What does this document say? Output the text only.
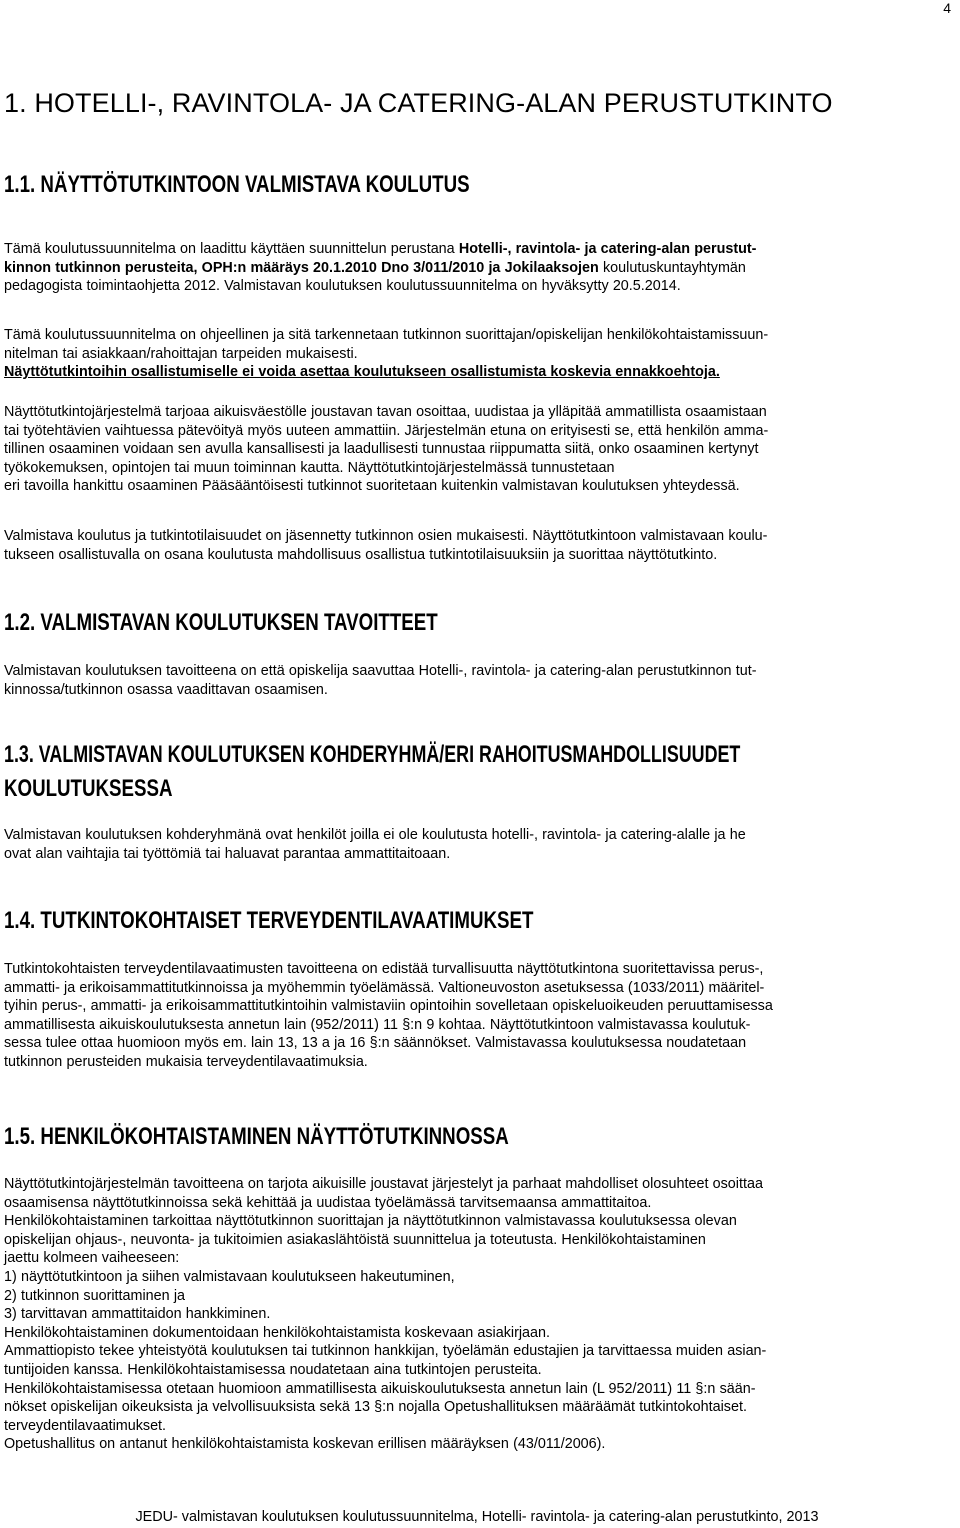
4
1. HOTELLI-, RAVINTOLA- JA CATERING-ALAN PERUSTUTKINTO
1.1. NÄYTTÖTUTKINTOON VALMISTAVA KOULUTUS
Tämä koulutussuunnitelma on laadittu käyttäen suunnittelun perustana Hotelli-, ravintola- ja catering-alan perustut-
kinnon tutkinnon perusteita, OPH:n määräys 20.1.2010 Dno 3/011/2010 ja Jokilaaksojen koulutuskuntayhtymän
pedagogista toimintaohjetta 2012. Valmistavan koulutuksen koulutussuunnitelma on hyväksytty 20.5.2014.
Tämä koulutussuunnitelma on ohjeellinen ja sitä tarkennetaan tutkinnon suorittajan/opiskelijan henkilökohtaistamissuun-
nitelman tai asiakkaan/rahoittajan tarpeiden mukaisesti.
Näyttötutkintoihin osallistumiselle ei voida asettaa koulutukseen osallistumista koskevia ennakkoehtoja.
Näyttötutkintojärjestelmä tarjoaa aikuisväestölle joustavan tavan osoittaa, uudistaa ja ylläpitää ammatillista osaamistaan
tai työtehtävien vaihtuessa pätevöityä myös uuteen ammattiin. Järjestelmän etuna on erityisesti se, että henkilön amma-
tillinen osaaminen voidaan sen avulla kansallisesti ja laadullisesti tunnustaa riippumatta siitä, onko osaaminen kertynyt
työkokemuksen, opintojen tai muun toiminnan kautta. Näyttötutkintojärjestelmässä tunnustetaan
eri tavoilla hankittu osaaminen Pääsääntöisesti tutkinnot suoritetaan kuitenkin valmistavan koulutuksen yhteydessä.
Valmistava koulutus ja tutkintotilaisuudet on jäsennetty tutkinnon osien mukaisesti. Näyttötutkintoon valmistavaan koulu-
tukseen osallistuvalla on osana koulutusta mahdollisuus osallistua tutkintotilaisuuksiin ja suorittaa näyttötutkinto.
1.2. VALMISTAVAN KOULUTUKSEN TAVOITTEET
Valmistavan koulutuksen tavoitteena on että opiskelija saavuttaa Hotelli-, ravintola- ja catering-alan perustutkinnon tut-
kinnossa/tutkinnon osassa vaadittavan osaamisen.
1.3. VALMISTAVAN KOULUTUKSEN KOHDERYHMÄ/ERI RAHOITUSMAHDOLLISUUDET
KOULUTUKSESSA
Valmistavan koulutuksen kohderyhmänä ovat henkilöt joilla ei ole koulutusta hotelli-, ravintola- ja catering-alalle ja he
ovat alan vaihtajia tai työttömiä tai haluavat parantaa ammattitaitoaan.
1.4. TUTKINTOKOHTAISET TERVEYDENTILAVAATIMUKSET
Tutkintokohtaisten terveydentilavaatimusten tavoitteena on edistää turvallisuutta näyttötutkintona suoritettavissa perus-,
ammatti- ja erikoisammattitutkinnoissa ja myöhemmin työelämässä. Valtioneuvoston asetuksessa (1033/2011) määritel-
tyihin perus-, ammatti- ja erikoisammattitutkintoihin valmistaviin opintoihin sovelletaan opiskeluoikeuden peruuttamisessa
ammatillisesta aikuiskoulutuksesta annetun lain (952/2011) 11 §:n 9 kohtaa. Näyttötutkintoon valmistavassa koulutuk-
sessa tulee ottaa huomioon myös em. lain 13, 13 a ja 16 §:n säännökset. Valmistavassa koulutuksessa noudatetaan
tutkinnon perusteiden mukaisia terveydentilavaatimuksia.
1.5. HENKILÖKOHTAISTAMINEN NÄYTTÖTUTKINNOSSA
Näyttötutkintojärjestelmän tavoitteena on tarjota aikuisille joustavat järjestelyt ja parhaat mahdolliset olosuhteet osoittaa
osaamisensa näyttötutkinnoissa sekä kehittää ja uudistaa työelämässä tarvitsemaansa ammattitaitoa.
Henkilökohtaistaminen tarkoittaa näyttötutkinnon suorittajan ja näyttötutkinnon valmistavassa koulutuksessa olevan
opiskelijan ohjaus-, neuvonta- ja tukitoimien asiakaslähtöistä suunnittelua ja toteutusta. Henkilökohtaistaminen
jaettu kolmeen vaiheeseen:
1) näyttötutkintoon ja siihen valmistavaan koulutukseen hakeutuminen,
2) tutkinnon suorittaminen ja
3) tarvittavan ammattitaidon hankkiminen.
Henkilökohtaistaminen dokumentoidaan henkilökohtaistamista koskevaan asiakirjaan.
Ammattiopisto tekee yhteistyötä koulutuksen tai tutkinnon hankkijan, työelämän edustajien ja tarvittaessa muiden asian-
tuntijoiden kanssa. Henkilökohtaistamisessa noudatetaan aina tutkintojen perusteita.
Henkilökohtaistamisessa otetaan huomioon ammatillisesta aikuiskoulutuksesta annetun lain (L 952/2011) 11 §:n sään-
nökset opiskelijan oikeuksista ja velvollisuuksista sekä 13 §:n nojalla Opetushallituksen määräämät tutkintokohtaiset.
terveydentilavaatimukset.
Opetushallitus on antanut henkilökohtaistamista koskevan erillisen määräyksen (43/011/2006).
JEDU- valmistavan koulutuksen koulutussuunnitelma, Hotelli- ravintola- ja catering-alan perustutkinto, 2013
